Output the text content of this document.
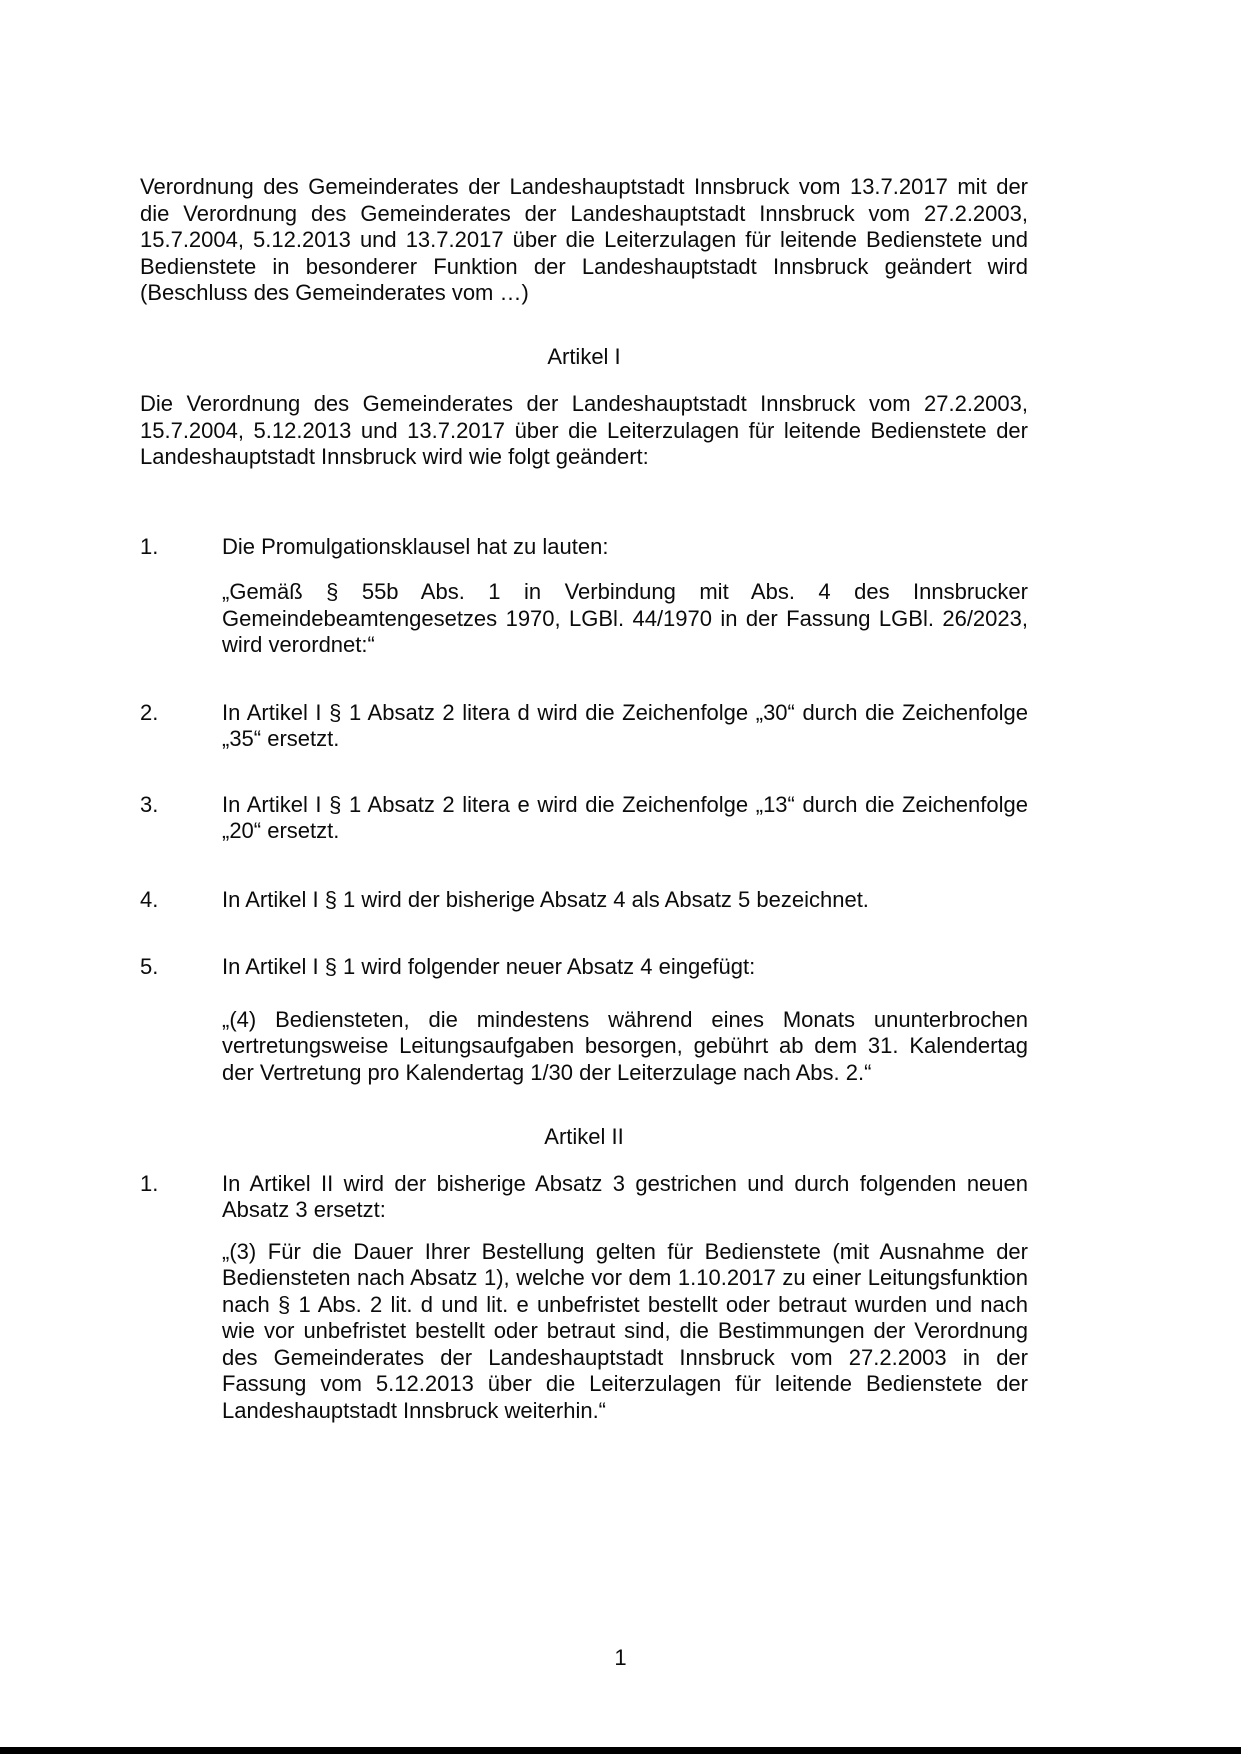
Verordnung des Gemeinderates der Landeshauptstadt Innsbruck vom 13.7.2017 mit der die Verordnung des Gemeinderates der Landeshauptstadt Innsbruck vom 27.2.2003, 15.7.2004, 5.12.2013 und 13.7.2017 über die Leiterzulagen für leitende Bedienstete und Bedienstete in besonderer Funktion der Landeshauptstadt Innsbruck geändert wird (Beschluss des Gemeinderates vom …)

Artikel I

Die Verordnung des Gemeinderates der Landeshauptstadt Innsbruck vom 27.2.2003, 15.7.2004, 5.12.2013 und 13.7.2017 über die Leiterzulagen für leitende Bedienstete der Landeshauptstadt Innsbruck wird wie folgt geändert:

1.	Die Promulgationsklausel hat zu lauten:

„Gemäß § 55b Abs. 1 in Verbindung mit Abs. 4 des Innsbrucker Gemeindebeamtengesetzes 1970, LGBl. 44/1970 in der Fassung LGBl. 26/2023, wird verordnet:“

2.	In Artikel I § 1 Absatz 2 litera d wird die Zeichenfolge „30“ durch die Zeichenfolge „35“ ersetzt.
3.	In Artikel I § 1 Absatz 2 litera e wird die Zeichenfolge „13“ durch die Zeichenfolge „20“ ersetzt.
4.	In Artikel I § 1 wird der bisherige Absatz 4 als Absatz 5 bezeichnet.
5.	In Artikel I § 1 wird folgender neuer Absatz 4 eingefügt:

„(4) Bediensteten, die mindestens während eines Monats ununterbrochen vertretungsweise Leitungsaufgaben besorgen, gebührt ab dem 31. Kalendertag der Vertretung pro Kalendertag 1/30 der Leiterzulage nach Abs. 2.“

Artikel II
1.	In Artikel II wird der bisherige Absatz 3 gestrichen und durch folgenden neuen Absatz 3 ersetzt:

„(3) Für die Dauer Ihrer Bestellung gelten für Bedienstete (mit Ausnahme der Bediensteten nach Absatz 1), welche vor dem 1.10.2017 zu einer Leitungsfunktion nach § 1 Abs. 2 lit. d und lit. e unbefristet bestellt oder betraut wurden und nach wie vor unbefristet bestellt oder betraut sind, die Bestimmungen der Verordnung des Gemeinderates der Landeshauptstadt Innsbruck vom 27.2.2003 in der Fassung vom 5.12.2013 über die Leiterzulagen für leitende Bedienstete der Landeshauptstadt Innsbruck weiterhin.“

1
